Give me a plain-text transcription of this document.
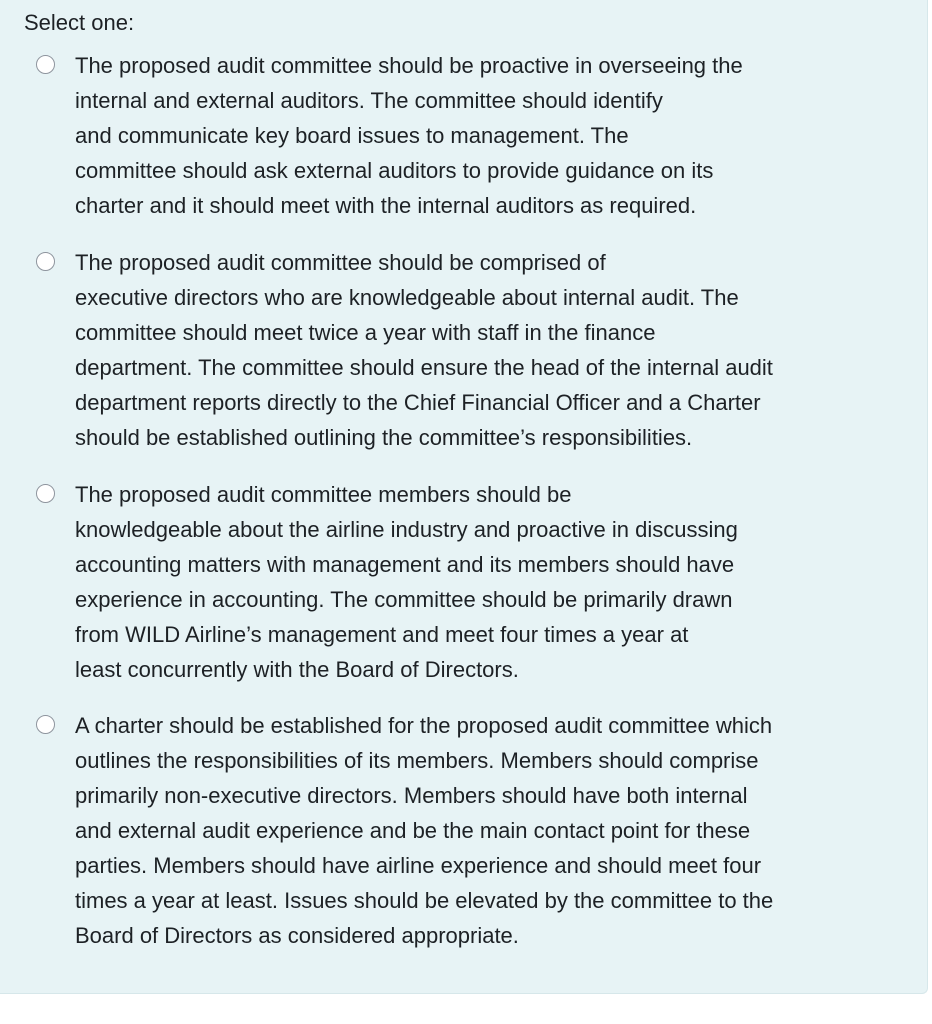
Select one:
The proposed audit committee should be proactive in overseeing the
internal and external auditors. The committee should identify
and communicate key board issues to management. The
committee should ask external auditors to provide guidance on its
charter and it should meet with the internal auditors as required.
The proposed audit committee should be comprised of
executive directors who are knowledgeable about internal audit. The
committee should meet twice a year with staff in the finance
department. The committee should ensure the head of the internal audit
department reports directly to the Chief Financial Officer and a Charter
should be established outlining the committee’s responsibilities.
The proposed audit committee members should be
knowledgeable about the airline industry and proactive in discussing
accounting matters with management and its members should have
experience in accounting. The committee should be primarily drawn
from WILD Airline’s management and meet four times a year at
least concurrently with the Board of Directors.
A charter should be established for the proposed audit committee which
outlines the responsibilities of its members. Members should comprise
primarily non-executive directors. Members should have both internal
and external audit experience and be the main contact point for these
parties. Members should have airline experience and should meet four
times a year at least. Issues should be elevated by the committee to the
Board of Directors as considered appropriate.
